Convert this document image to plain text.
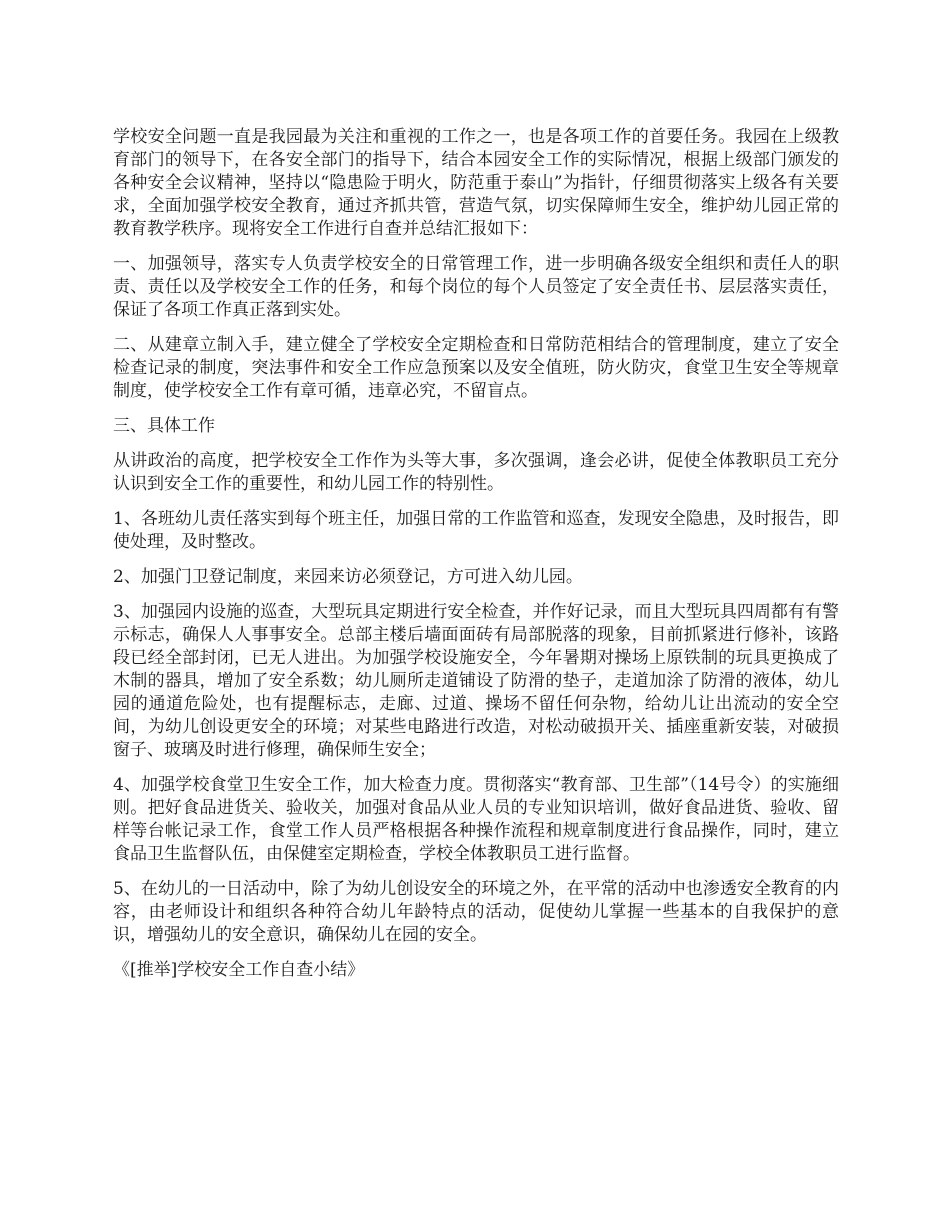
学校安全问题一直是我园最为关注和重视的工作之一，也是各项工作的首要任务。我园在上级教育部门的领导下，在各安全部门的指导下，结合本园安全工作的实际情况，根据上级部门颁发的各种安全会议精神，坚持以“隐患险于明火，防范重于泰山”为指针，仔细贯彻落实上级各有关要求，全面加强学校安全教育，通过齐抓共管，营造气氛，切实保障师生安全，维护幼儿园正常的教育教学秩序。现将安全工作进行自查并总结汇报如下：

一、加强领导，落实专人负责学校安全的日常管理工作，进一步明确各级安全组织和责任人的职责、责任以及学校安全工作的任务，和每个岗位的每个人员签定了安全责任书、层层落实责任，保证了各项工作真正落到实处。

二、从建章立制入手，建立健全了学校安全定期检查和日常防范相结合的管理制度，建立了安全检查记录的制度，突法事件和安全工作应急预案以及安全值班，防火防灾，食堂卫生安全等规章制度，使学校安全工作有章可循，违章必究，不留盲点。

三、具体工作

从讲政治的高度，把学校安全工作作为头等大事，多次强调，逢会必讲，促使全体教职员工充分认识到安全工作的重要性，和幼儿园工作的特别性。

1、各班幼儿责任落实到每个班主任，加强日常的工作监管和巡查，发现安全隐患，及时报告，即使处理，及时整改。

2、加强门卫登记制度，来园来访必须登记，方可进入幼儿园。

3、加强园内设施的巡查，大型玩具定期进行安全检查，并作好记录，而且大型玩具四周都有有警示标志，确保人人事事安全。总部主楼后墙面面砖有局部脱落的现象，目前抓紧进行修补，该路段已经全部封闭，已无人进出。为加强学校设施安全，今年暑期对操场上原铁制的玩具更换成了木制的器具，增加了安全系数；幼儿厕所走道铺设了防滑的垫子，走道加涂了防滑的液体，幼儿园的通道危险处，也有提醒标志，走廊、过道、操场不留任何杂物，给幼儿让出流动的安全空间，为幼儿创设更安全的环境；对某些电路进行改造，对松动破损开关、插座重新安装，对破损窗子、玻璃及时进行修理，确保师生安全；

4、加强学校食堂卫生安全工作，加大检查力度。贯彻落实“教育部、卫生部”（14号令）的实施细则。把好食品进货关、验收关，加强对食品从业人员的专业知识培训，做好食品进货、验收、留样等台帐记录工作，食堂工作人员严格根据各种操作流程和规章制度进行食品操作，同时，建立食品卫生监督队伍，由保健室定期检查，学校全体教职员工进行监督。

5、在幼儿的一日活动中，除了为幼儿创设安全的环境之外，在平常的活动中也渗透安全教育的内容，由老师设计和组织各种符合幼儿年龄特点的活动，促使幼儿掌握一些基本的自我保护的意识，增强幼儿的安全意识，确保幼儿在园的安全。

《[推举]学校安全工作自查小结》
